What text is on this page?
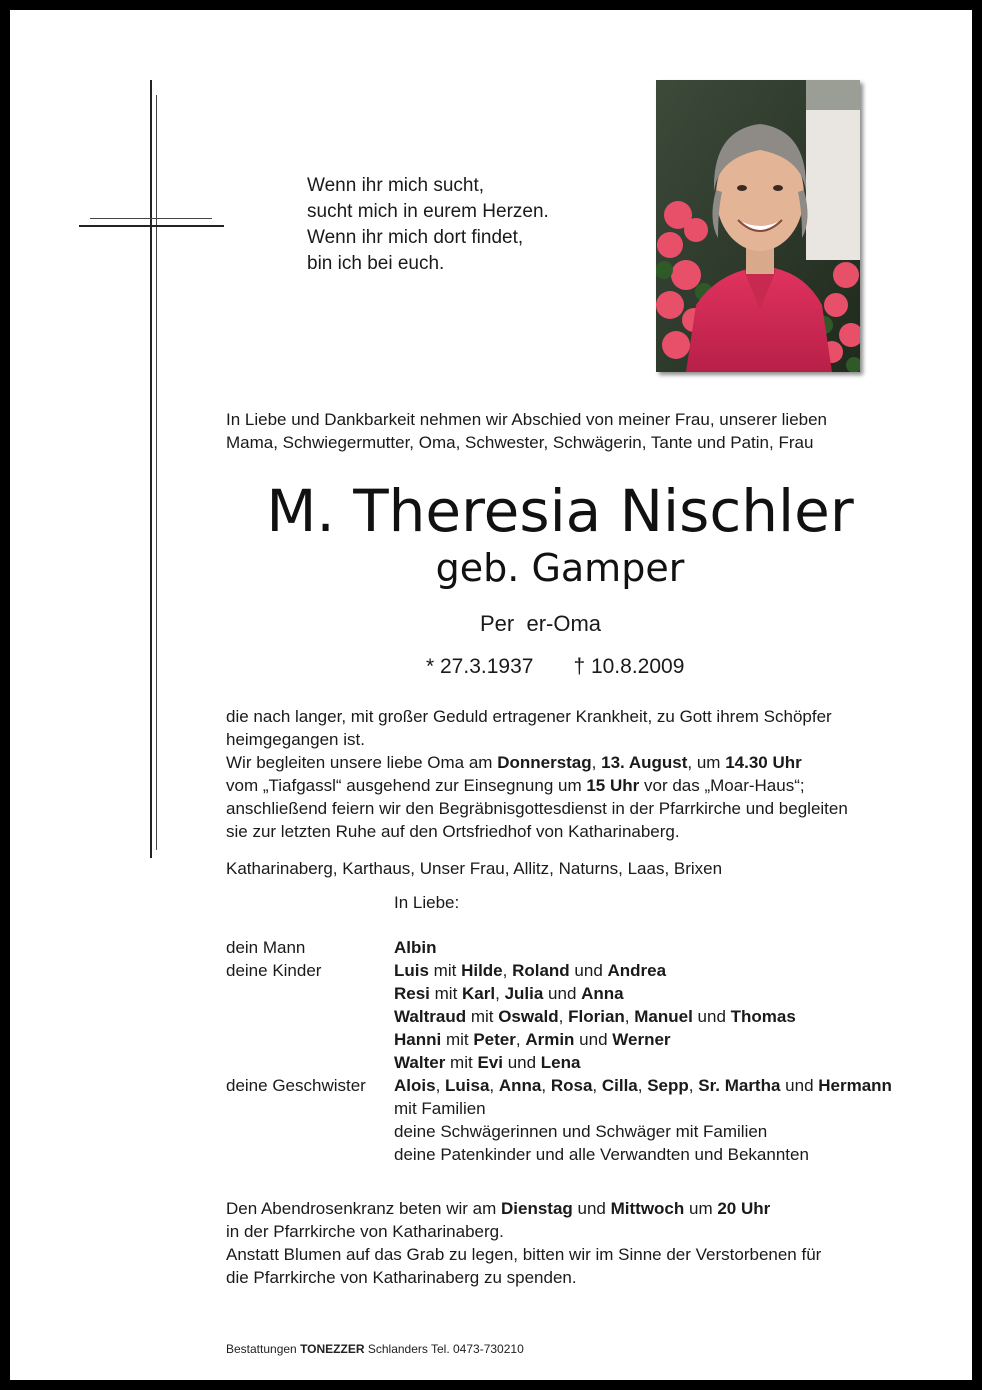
Wenn ihr mich sucht,
sucht mich in eurem Herzen.
Wenn ihr mich dort findet,
bin ich bei euch.
In Liebe und Dankbarkeit nehmen wir Abschied von meiner Frau, unserer lieben
Mama, Schwiegermutter, Oma, Schwester, Schwägerin, Tante und Patin, Frau
M. Theresia Nischler
geb. Gamper
Per  er-Oma
* 27.3.1937 † 10.8.2009
die nach langer, mit großer Geduld ertragener Krankheit, zu Gott ihrem Schöpfer
heimgegangen ist.
Wir begleiten unsere liebe Oma am Donnerstag, 13. August, um 14.30 Uhr
vom „Tiafgassl“ ausgehend zur Einsegnung um 15 Uhr vor das „Moar-Haus“;
anschließend feiern wir den Begräbnisgottesdienst in der Pfarrkirche und begleiten
sie zur letzten Ruhe auf den Ortsfriedhof von Katharinaberg.
Katharinaberg, Karthaus, Unser Frau, Allitz, Naturns, Laas, Brixen
In Liebe:
dein Mann	Albin
deine Kinder	Luis mit Hilde, Roland und Andrea
Resi mit Karl, Julia und Anna
Waltraud mit Oswald, Florian, Manuel und Thomas
Hanni mit Peter, Armin und Werner
Walter mit Evi und Lena
deine Geschwister	Alois, Luisa, Anna, Rosa, Cilla, Sepp, Sr. Martha und Hermann
mit Familien
deine Schwägerinnen und Schwäger mit Familien
deine Patenkinder und alle Verwandten und Bekannten
Den Abendrosenkranz beten wir am Dienstag und Mittwoch um 20 Uhr
in der Pfarrkirche von Katharinaberg.
Anstatt Blumen auf das Grab zu legen, bitten wir im Sinne der Verstorbenen für
die Pfarrkirche von Katharinaberg zu spenden.
Bestattungen TONEZZER Schlanders Tel. 0473-730210
